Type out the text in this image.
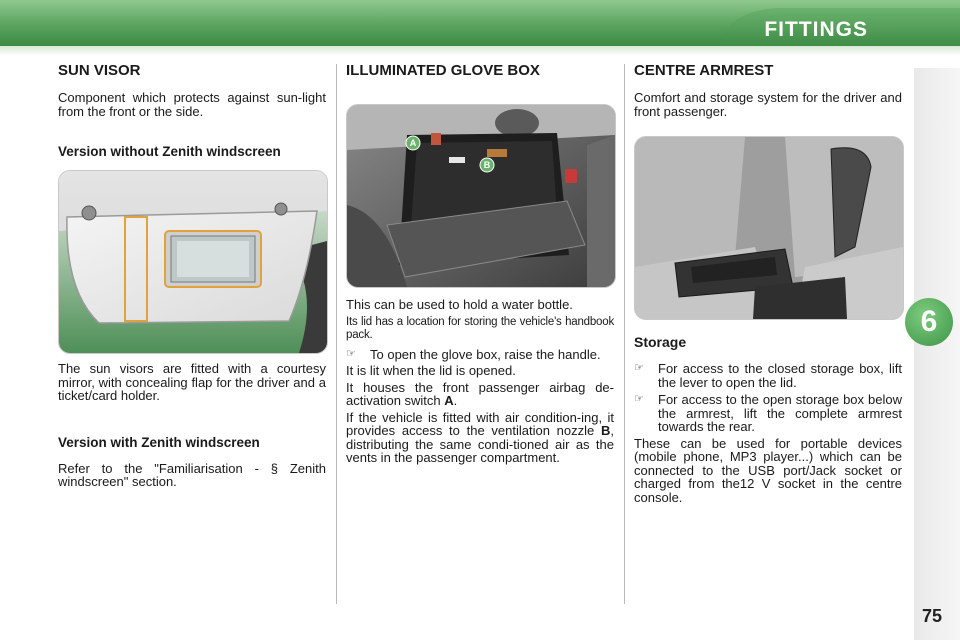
FITTINGS
6
75
SUN VISOR

Component which protects against sun-light from the front or the side.

Version without Zenith windscreen

The sun visors are fitted with a courtesy mirror, with concealing flap for the driver and a ticket/card holder.

Version with Zenith windscreen

Refer to the "Familiarisation - § Zenith windscreen" section.

ILLUMINATED GLOVE BOX
A
B

This can be used to hold a water bottle.

Its lid has a location for storing the vehicle's handbook pack.

☞	To open the glove box, raise the handle.

It is lit when the lid is opened.

It houses the front passenger airbag de-activation switch A.

If the vehicle is fitted with air condition-ing, it provides access to the ventilation nozzle B, distributing the same condi-tioned air as the vents in the passenger compartment.

CENTRE ARMREST

Comfort and storage system for the driver and front passenger.

Storage
☞	For access to the closed storage box, lift the lever to open the lid.
☞	For access to the open storage box below the armrest, lift the complete armrest towards the rear.

These can be used for portable devices (mobile phone, MP3 player...) which can be connected to the USB port/Jack socket or charged from the12 V socket in the centre console.
